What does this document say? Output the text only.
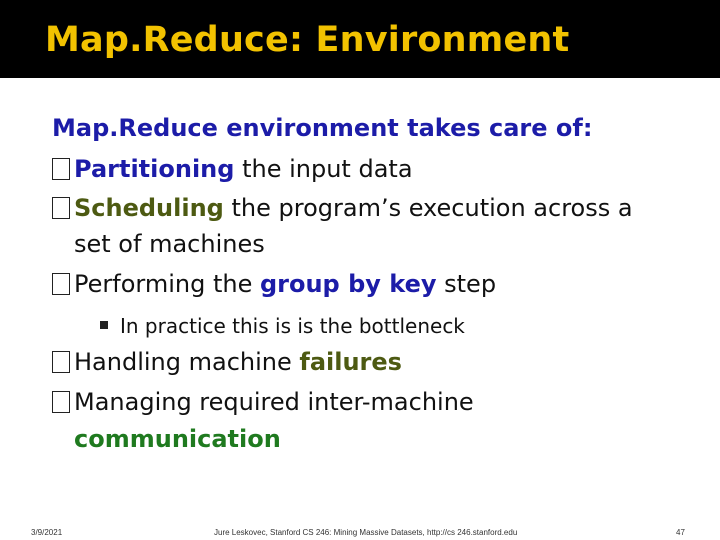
Map.Reduce: Environment
Map.Reduce environment takes care of:
Partitioning the input data
Scheduling the program’s execution across a
set of machines
Performing the group by key step
In practice this is is the bottleneck
Handling machine failures
Managing required inter-machine
communication
3/9/2021	Jure Leskovec, Stanford CS 246: Mining Massive Datasets, http://cs 246.stanford.edu	47
